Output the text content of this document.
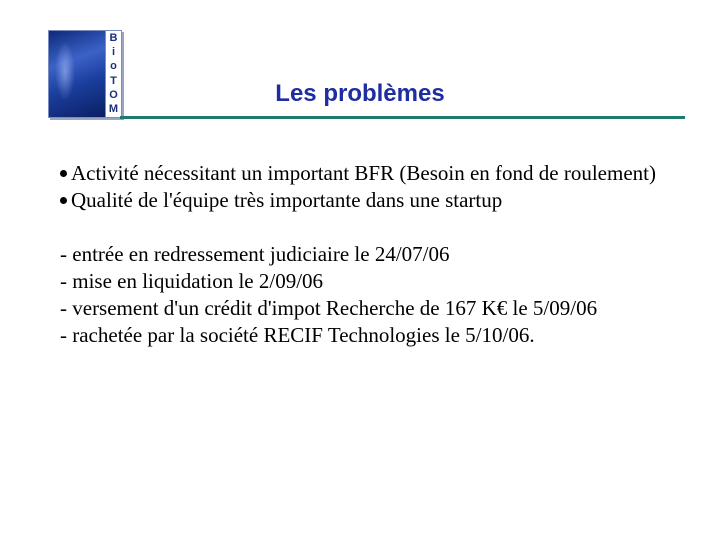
B
i
o
T
O
M
Les problèmes

Activité nécessitant un important BFR (Besoin en fond de roulement)

Qualité de l'équipe très importante dans une startup

- entrée en redressement judiciaire le 24/07/06

- mise en liquidation le 2/09/06

- versement d'un crédit d'impot Recherche de 167 K€ le 5/09/06

- rachetée par la société RECIF Technologies le 5/10/06.
